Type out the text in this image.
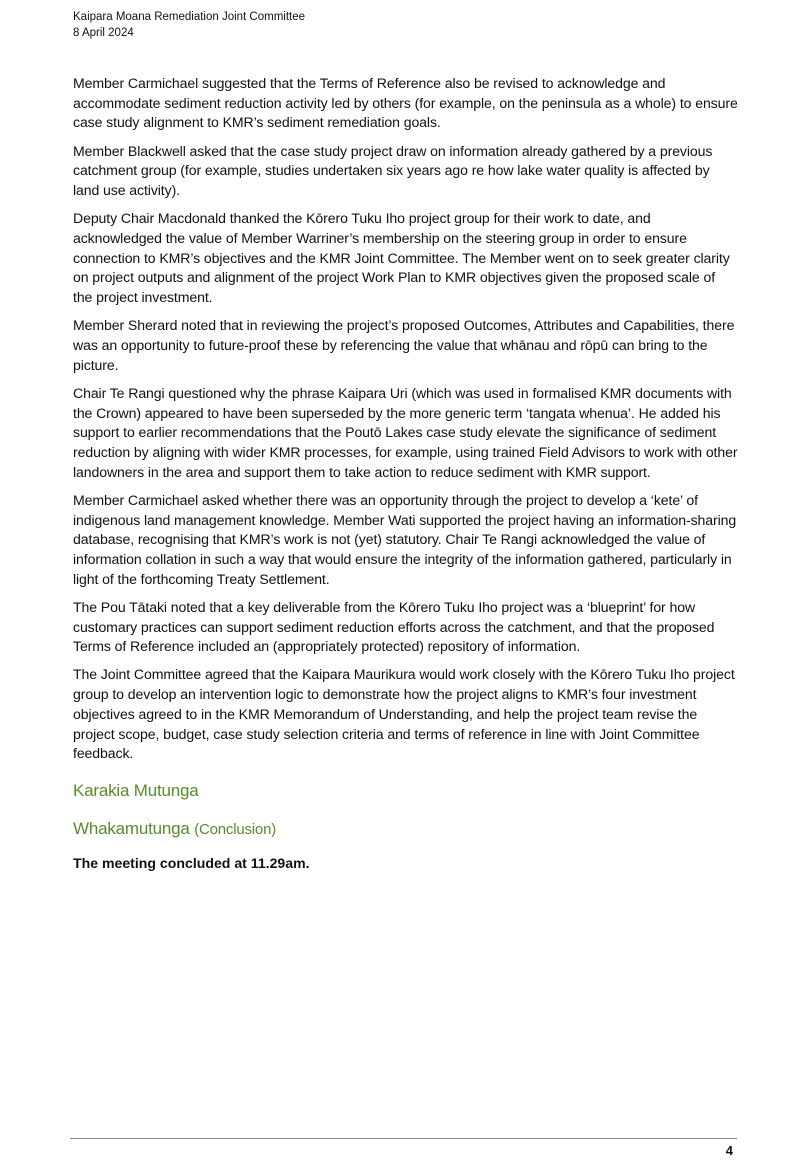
Kaipara Moana Remediation Joint Committee
8 April 2024

Member Carmichael suggested that the Terms of Reference also be revised to acknowledge and accommodate sediment reduction activity led by others (for example, on the peninsula as a whole) to ensure case study alignment to KMR’s sediment remediation goals.

Member Blackwell asked that the case study project draw on information already gathered by a previous catchment group (for example, studies undertaken six years ago re how lake water quality is affected by land use activity).

Deputy Chair Macdonald thanked the Kōrero Tuku Iho project group for their work to date, and acknowledged the value of Member Warriner’s membership on the steering group in order to ensure connection to KMR’s objectives and the KMR Joint Committee. The Member went on to seek greater clarity on project outputs and alignment of the project Work Plan to KMR objectives given the proposed scale of the project investment.

Member Sherard noted that in reviewing the project’s proposed Outcomes, Attributes and Capabilities, there was an opportunity to future-proof these by referencing the value that whānau and rōpū can bring to the picture.

Chair Te Rangi questioned why the phrase Kaipara Uri (which was used in formalised KMR documents with the Crown) appeared to have been superseded by the more generic term ‘tangata whenua’. He added his support to earlier recommendations that the Poutō Lakes case study elevate the significance of sediment reduction by aligning with wider KMR processes, for example, using trained Field Advisors to work with other landowners in the area and support them to take action to reduce sediment with KMR support.

Member Carmichael asked whether there was an opportunity through the project to develop a ‘kete’ of indigenous land management knowledge. Member Wati supported the project having an information-sharing database, recognising that KMR’s work is not (yet) statutory. Chair Te Rangi acknowledged the value of information collation in such a way that would ensure the integrity of the information gathered, particularly in light of the forthcoming Treaty Settlement.

The Pou Tātaki noted that a key deliverable from the Kōrero Tuku Iho project was a ‘blueprint’ for how customary practices can support sediment reduction efforts across the catchment, and that the proposed Terms of Reference included an (appropriately protected) repository of information.

The Joint Committee agreed that the Kaipara Maurikura would work closely with the Kōrero Tuku Iho project group to develop an intervention logic to demonstrate how the project aligns to KMR’s four investment objectives agreed to in the KMR Memorandum of Understanding, and help the project team revise the project scope, budget, case study selection criteria and terms of reference in line with Joint Committee feedback.

Karakia Mutunga
Whakamutunga (Conclusion)

The meeting concluded at 11.29am.

4
